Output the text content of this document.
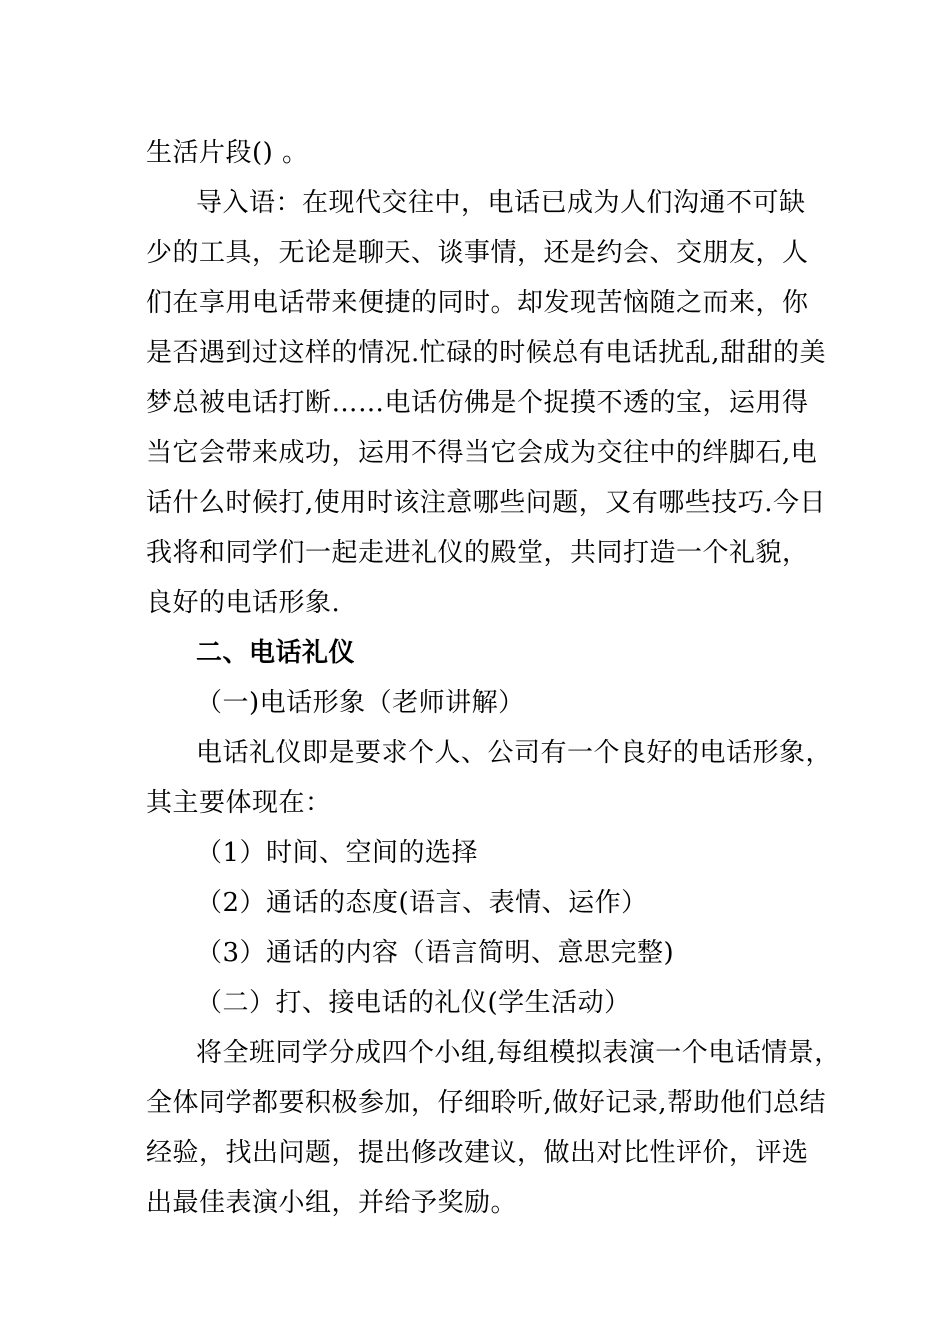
生活片段() 。

导入语：在现代交往中，电话已成为人们沟通不可缺

少的工具，无论是聊天、谈事情，还是约会、交朋友，人

们在享用电话带来便捷的同时。却发现苦恼随之而来，你

是否遇到过这样的情况.忙碌的时候总有电话扰乱,甜甜的美

梦总被电话打断……电话仿佛是个捉摸不透的宝，运用得

当它会带来成功，运用不得当它会成为交往中的绊脚石,电

话什么时候打,使用时该注意哪些问题，又有哪些技巧.今日

我将和同学们一起走进礼仪的殿堂，共同打造一个礼貌，

良好的电话形象.

二、电话礼仪

（一)电话形象（老师讲解）

电话礼仪即是要求个人、公司有一个良好的电话形象，

其主要体现在：

（1）时间、空间的选择

（2）通话的态度(语言、表情、运作）

（3）通话的内容（语言简明、意思完整)

（二）打、接电话的礼仪(学生活动）

将全班同学分成四个小组,每组模拟表演一个电话情景，

全体同学都要积极参加，仔细聆听,做好记录,帮助他们总结

经验，找出问题，提出修改建议，做出对比性评价，评选

出最佳表演小组，并给予奖励。
